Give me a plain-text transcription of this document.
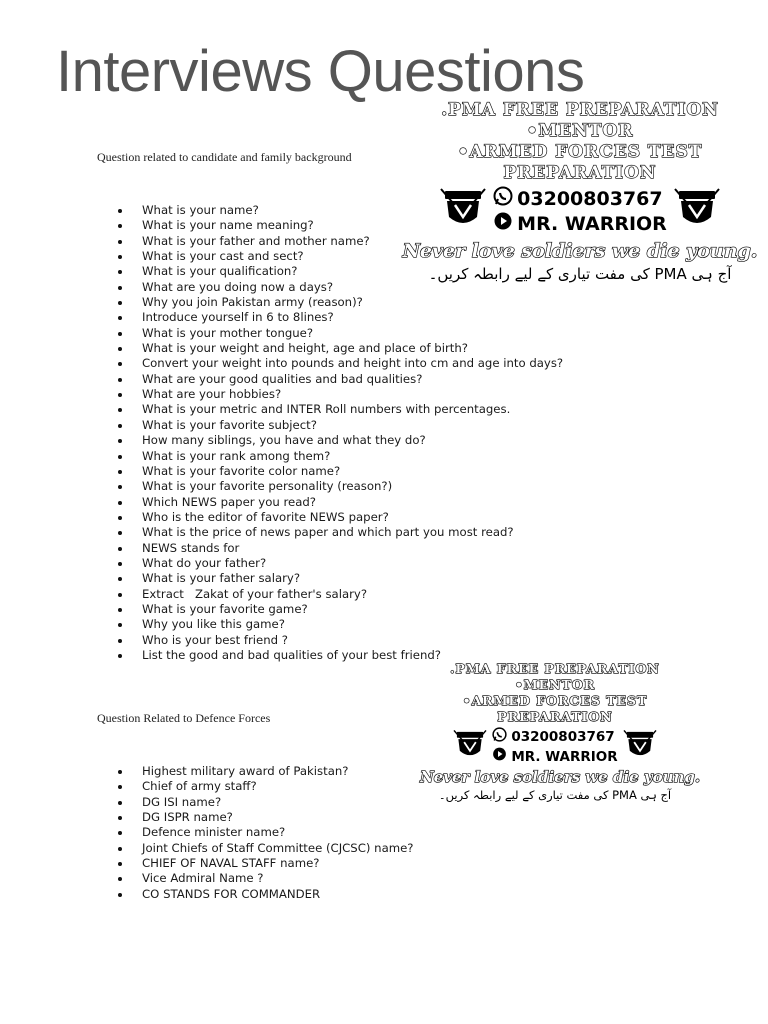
Interviews Questions
Question related to candidate and family background
What is your name?
What is your name meaning?
What is your father and mother name?
What is your cast and sect?
What is your qualification?
What are you doing now a days?
Why you join Pakistan army (reason)?
Introduce yourself in 6 to 8lines?
What is your mother tongue?
What is your weight and height, age and place of birth?
Convert your weight into pounds and height into cm and age into days?
What are your good qualities and bad qualities?
What are your hobbies?
What is your metric and INTER Roll numbers with percentages.
What is your favorite subject?
How many siblings, you have and what they do?
What is your rank among them?
What is your favorite color name?
What is your favorite personality (reason?)
Which NEWS paper you read?
Who is the editor of favorite NEWS paper?
What is the price of news paper and which part you most read?
NEWS stands for
What do your father?
What is your father salary?
Extract   Zakat of your father's salary?
What is your favorite game?
Why you like this game?
Who is your best friend ?
List the good and bad qualities of your best friend?
Question Related to Defence Forces
Highest military award of Pakistan?
Chief of army staff?
DG ISI name?
DG ISPR name?
Defence minister name?
Joint Chiefs of Staff Committee (CJCSC) name?
CHIEF OF NAVAL STAFF name?
Vice Admiral Name ?
CO STANDS FOR COMMANDER
.PMA FREE PREPARATION
•MENTOR
•ARMED FORCES TEST
PREPARATION
03200803767
MR. WARRIOR
Never love soldiers we die young.
آج ہی PMA کی مفت تیاری کے لیے رابطہ کریں۔
.PMA FREE PREPARATION
•MENTOR
•ARMED FORCES TEST
PREPARATION
03200803767
MR. WARRIOR
Never love soldiers we die young.
آج ہی PMA کی مفت تیاری کے لیے رابطہ کریں۔
